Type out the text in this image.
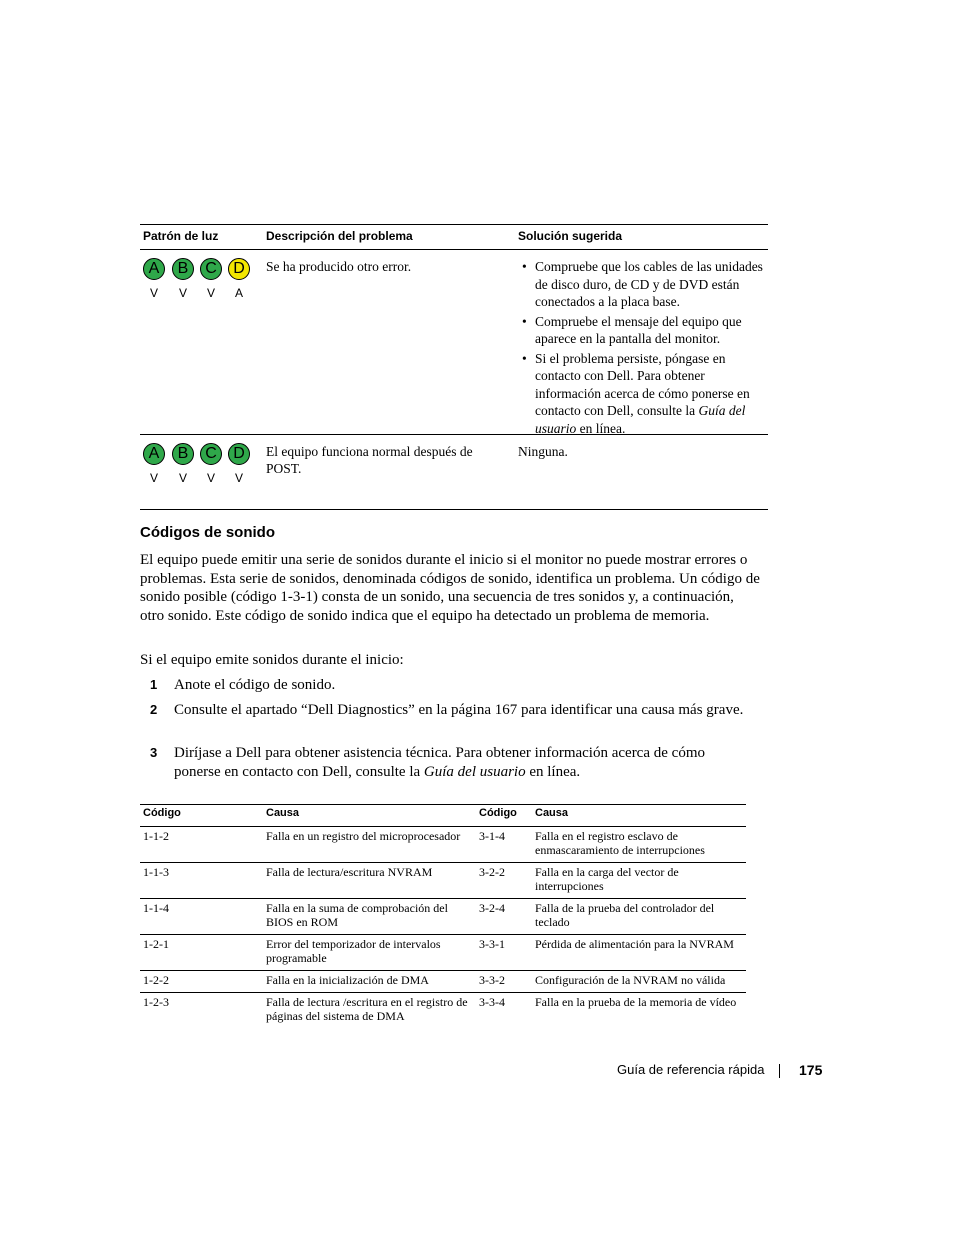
Patrón de luz	Descripción del problema	Solución sugerida
A	B	C	D
V	V	V	A
Se ha producido otro error.
•	Compruebe que los cables de las unidades de disco duro, de CD y de DVD están conectados a la placa base.
• Compruebe el mensaje del equipo que aparece en la pantalla del monitor.
• Si el problema persiste, póngase en contacto con Dell. Para obtener información acerca de cómo ponerse en contacto con Dell, consulte la Guía del usuario en línea.
A	B	C	D
V	V	V	V
El equipo funciona normal después de POST.
Ninguna.
Códigos de sonido
El equipo puede emitir una serie de sonidos durante el inicio si el monitor no puede mostrar errores o problemas. Esta serie de sonidos, denominada códigos de sonido, identifica un problema. Un código de sonido posible (código 1-3-1) consta de un sonido, una secuencia de tres sonidos y, a continuación, otro sonido. Este código de sonido indica que el equipo ha detectado un problema de memoria.
Si el equipo emite sonidos durante el inicio:
1 Anote el código de sonido.
2 Consulte el apartado “Dell Diagnostics” en la página 167 para identificar una causa más grave.
3 Diríjase a Dell para obtener asistencia técnica. Para obtener información acerca de cómo ponerse en contacto con Dell, consulte la Guía del usuario en línea.
Código	Causa	Código Causa
1-1-2	Falla en un registro del microprocesador	3-1-4	Falla en el registro esclavo de enmascaramiento de interrupciones
1-1-3	Falla de lectura/escritura NVRAM	3-2-2	Falla en la carga del vector de interrupciones
1-1-4	Falla en la suma de comprobación del BIOS en ROM
3-2-4	Falla de la prueba del controlador del teclado
1-2-1	Error del temporizador de intervalos programable
3-3-1	Pérdida de alimentación para la NVRAM
1-2-2	Falla en la inicialización de DMA	3-3-2	Configuración de la NVRAM no válida
1-2-3	Falla de lectura /escritura en el registro de páginas del sistema de DMA
3-3-4	Falla en la prueba de la memoria de vídeo
Guía de referencia rápida 175
